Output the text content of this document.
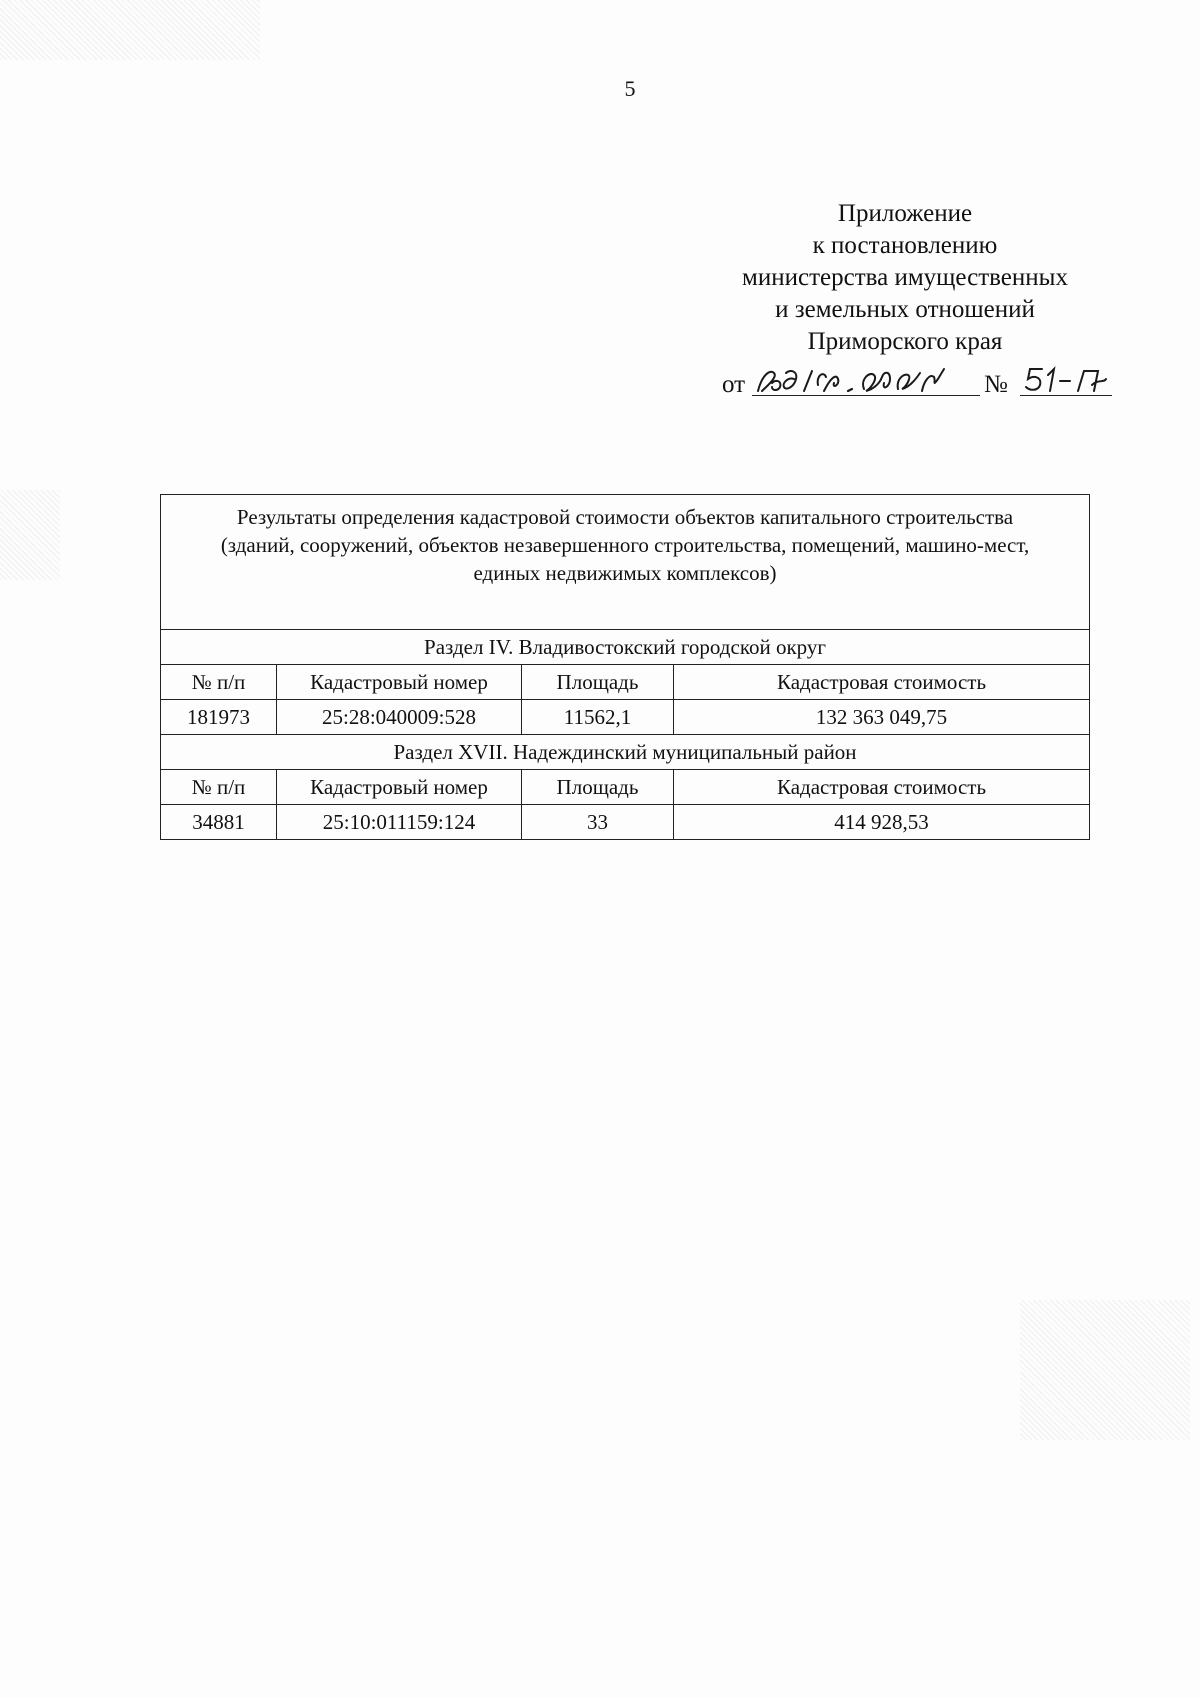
5
Приложение
к постановлению
министерства имущественных
и земельных отношений
Приморского края
от	№
Результаты определения кадастровой стоимости объектов капитального строительства
(зданий, сооружений, объектов незавершенного строительства, помещений, машино-мест,
единых недвижимых комплексов)			

Раздел IV. Владивостокский городской округ			
№ п/п	Кадастровый номер	Площадь	Кадастровая стоимость
181973	25:28:040009:528	11562,1	132 363 049,75
Раздел XVII. Надеждинский муниципальный район			
№ п/п	Кадастровый номер	Площадь	Кадастровая стоимость
34881	25:10:011159:124	33	414 928,53
